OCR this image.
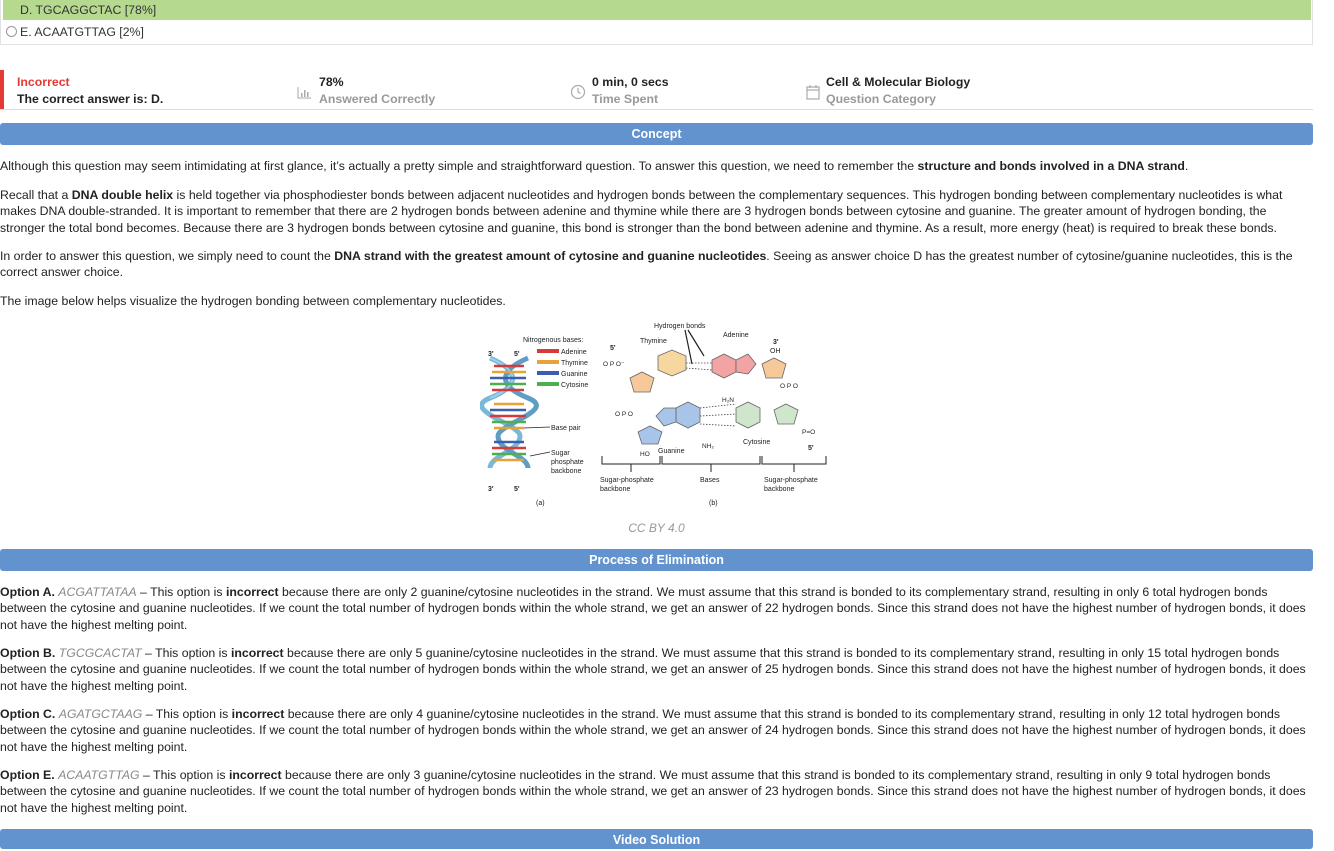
D. TGCAGGCTAC [78%]
E. ACAATGTTAG [2%]
Incorrect
The correct answer is: D.
78%
Answered Correctly
0 min, 0 secs
Time Spent
Cell & Molecular Biology
Question Category
Concept
Although this question may seem intimidating at first glance, it’s actually a pretty simple and straightforward question. To answer this question, we need to remember the structure and bonds involved in a DNA strand.
Recall that a DNA double helix is held together via phosphodiester bonds between adjacent nucleotides and hydrogen bonds between the complementary sequences. This hydrogen bonding between complementary nucleotides is what makes DNA double-stranded. It is important to remember that there are 2 hydrogen bonds between adenine and thymine while there are 3 hydrogen bonds between cytosine and guanine. The greater amount of hydrogen bonding, the stronger the total bond becomes. Because there are 3 hydrogen bonds between cytosine and guanine, this bond is stronger than the bond between adenine and thymine. As a result, more energy (heat) is required to break these bonds.
In order to answer this question, we simply need to count the DNA strand with the greatest amount of cytosine and guanine nucleotides. Seeing as answer choice D has the greatest number of cytosine/guanine nucleotides, this is the correct answer choice.
The image below helps visualize the hydrogen bonding between complementary nucleotides.
3'	5'
3'	5'
(a)
Nitrogenous bases:
Adenine
Thymine
Guanine
Cytosine
Base pair
Sugar
phosphate
backbone
Hydrogen bonds
Thymine
Adenine
5'
3'
OH
O P O⁻
O P O
H₂N
NH₂
Guanine
Cytosine
HO
O P O
P=O
5'
Sugar-phosphate
backbone
Bases	Sugar-phosphate
backbone
(b)
CC BY 4.0
Process of Elimination
Option A. ACGATTATAA – This option is incorrect because there are only 2 guanine/cytosine nucleotides in the strand. We must assume that this strand is bonded to its complementary strand, resulting in only 6 total hydrogen bonds between the cytosine and guanine nucleotides. If we count the total number of hydrogen bonds within the whole strand, we get an answer of 22 hydrogen bonds. Since this strand does not have the highest number of hydrogen bonds, it does not have the highest melting point.
Option B. TGCGCACTAT – This option is incorrect because there are only 5 guanine/cytosine nucleotides in the strand. We must assume that this strand is bonded to its complementary strand, resulting in only 15 total hydrogen bonds between the cytosine and guanine nucleotides. If we count the total number of hydrogen bonds within the whole strand, we get an answer of 25 hydrogen bonds. Since this strand does not have the highest number of hydrogen bonds, it does not have the highest melting point.
Option C. AGATGCTAAG – This option is incorrect because there are only 4 guanine/cytosine nucleotides in the strand. We must assume that this strand is bonded to its complementary strand, resulting in only 12 total hydrogen bonds between the cytosine and guanine nucleotides. If we count the total number of hydrogen bonds within the whole strand, we get an answer of 24 hydrogen bonds. Since this strand does not have the highest number of hydrogen bonds, it does not have the highest melting point.
Option E. ACAATGTTAG – This option is incorrect because there are only 3 guanine/cytosine nucleotides in the strand. We must assume that this strand is bonded to its complementary strand, resulting in only 9 total hydrogen bonds between the cytosine and guanine nucleotides. If we count the total number of hydrogen bonds within the whole strand, we get an answer of 23 hydrogen bonds. Since this strand does not have the highest number of hydrogen bonds, it does not have the highest melting point.
Video Solution
